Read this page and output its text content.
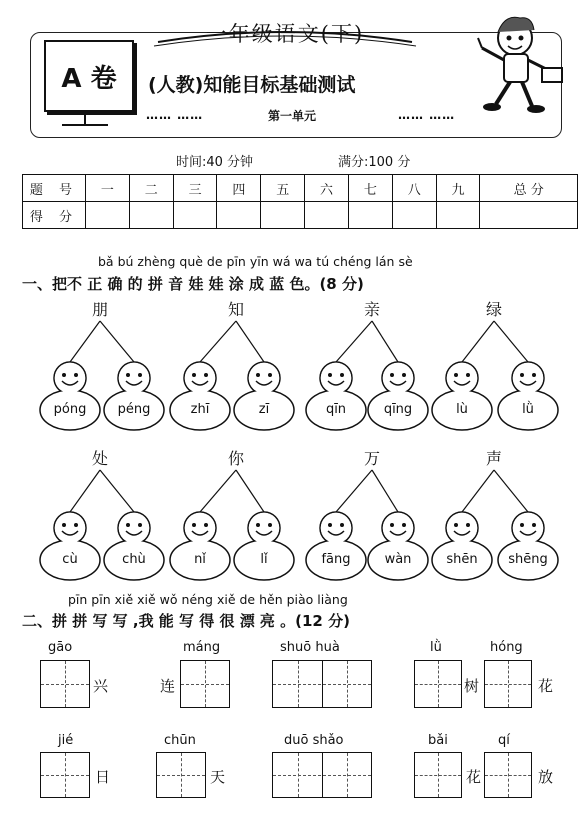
A 卷
一年级语文(下)
(人教)知能目标基础测试
…… ……	第一单元	…… ……
时间:40 分钟	满分:100 分
题 号	一	二	三	四	五	六	七	八	九	总 分
得 分										
bǎ bú zhèng què de pīn yīn wá wa tú chéng lán sè
一、把不 正 确 的 拼 音 娃 娃 涂 成 蓝 色。(8 分)
朋
póng	péng
知
zhī	zī
亲
qīn	qīng
绿
lù	lǜ
处
cù	chù
你
nǐ	lǐ
万
fāng	wàn
声
shēn	shēng
pīn pīn xiě xiě wǒ néng xiě de hěn piào liàng
二、拼 拼 写 写 ,我 能 写 得 很 漂 亮 。(12 分)
gāo
兴
máng
连
shuō huà	lǜ
树
hóng
花
jié
日
chūn
天
duō shǎo	bǎi
花
qí
放
